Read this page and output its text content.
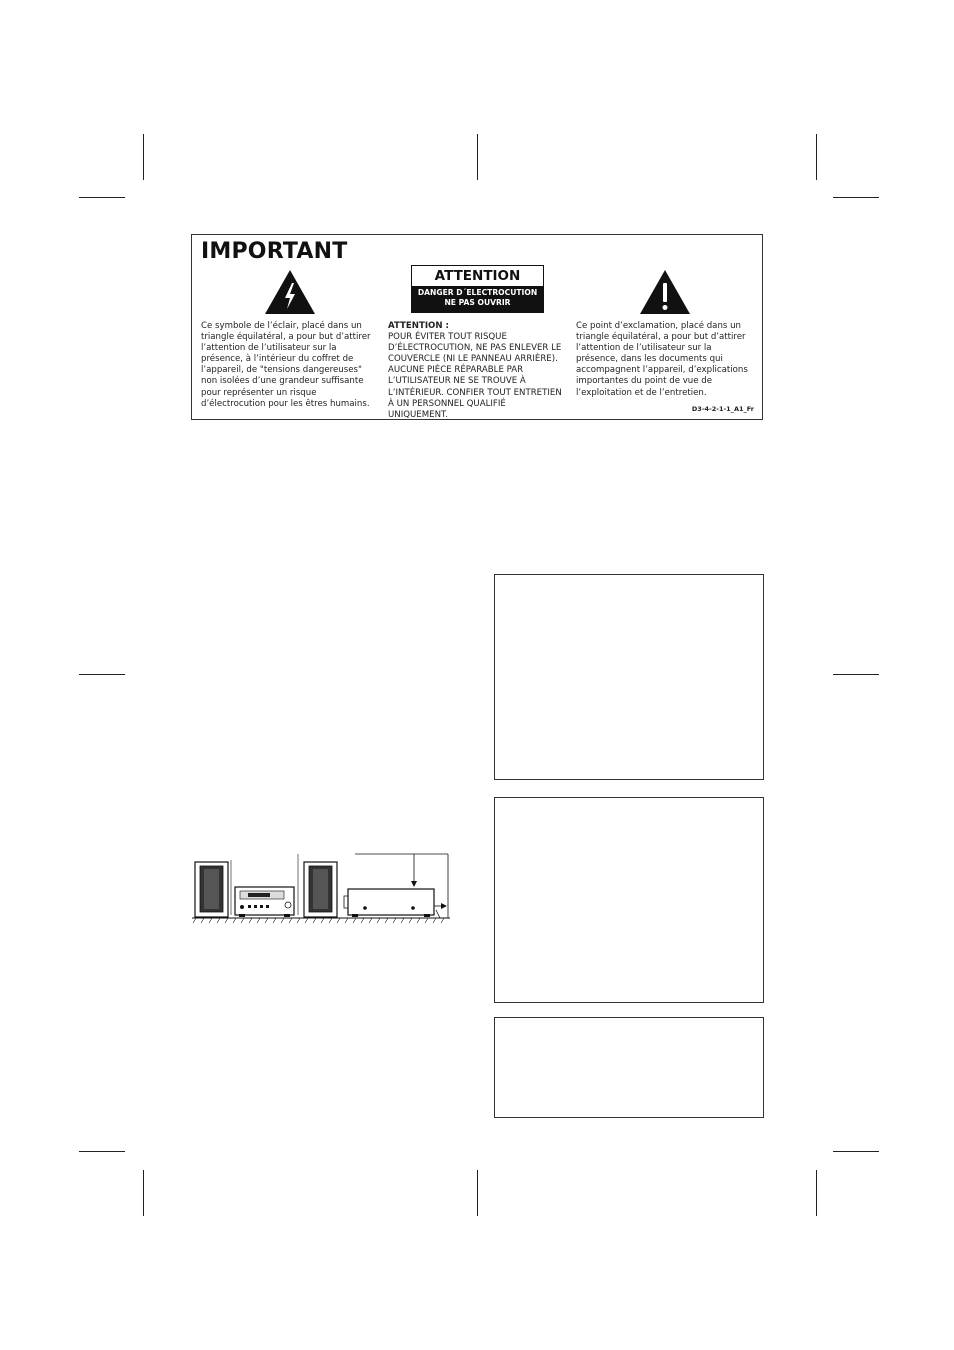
IMPORTANT
ATTENTION
DANGER D´ELECTROCUTION
NE PAS OUVRIR
Ce symbole de l’éclair, placé dans un triangle équilatéral, a pour but d’attirer l’attention de l’utilisateur sur la présence, à l’intérieur du coffret de l’appareil, de "tensions dangereuses" non isolées d’une grandeur suffisante pour représenter un risque d’électrocution pour les êtres humains.
ATTENTION :
POUR ÉVITER TOUT RISQUE D’ÉLECTROCUTION, NE PAS ENLEVER LE COUVERCLE (NI LE PANNEAU ARRIÈRE). AUCUNE PIÈCE RÉPARABLE PAR L’UTILISATEUR NE SE TROUVE À L’INTÉRIEUR. CONFIER TOUT ENTRETIEN À UN PERSONNEL QUALIFIÉ UNIQUEMENT.
Ce point d’exclamation, placé dans un triangle équilatéral, a pour but d’attirer l’attention de l’utilisateur sur la présence, dans les documents qui accompagnent l’appareil, d’explications importantes du point de vue de l’exploitation et de l’entretien.
D3-4-2-1-1_A1_Fr
